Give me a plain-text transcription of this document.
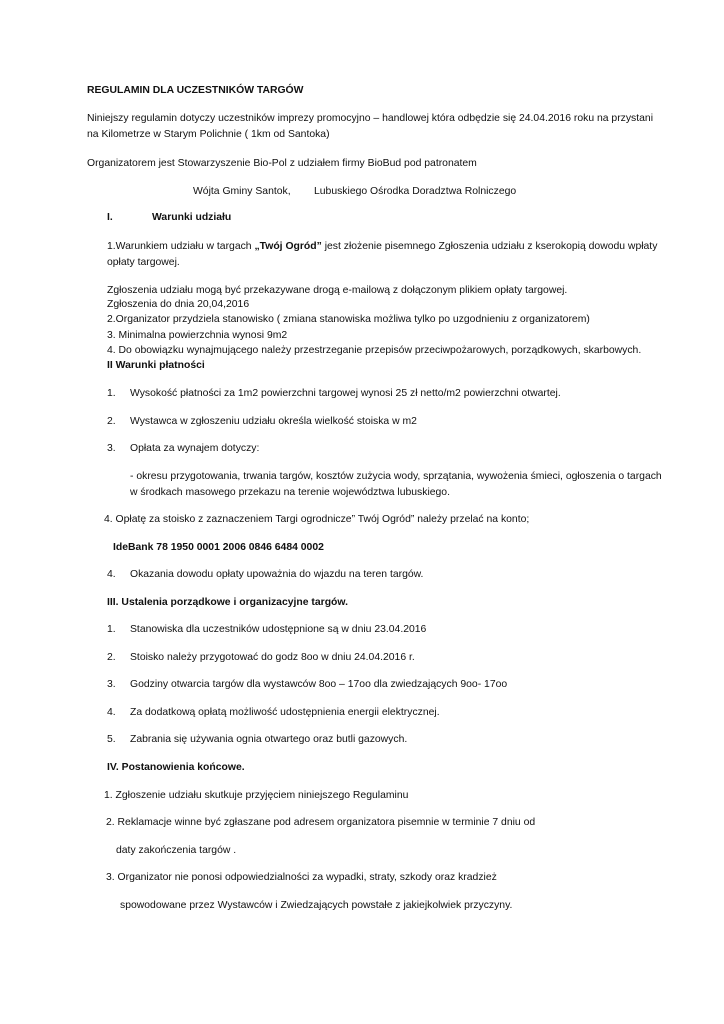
REGULAMIN DLA UCZESTNIKÓW TARGÓW
Niniejszy regulamin dotyczy uczestników imprezy promocyjno – handlowej która odbędzie się 24.04.2016 roku na przystani
na Kilometrze w Starym Polichnie ( 1km od Santoka)
Organizatorem jest Stowarzyszenie Bio-Pol z udziałem firmy BioBud pod patronatem
Wójta Gminy Santok, Lubuskiego Ośrodka Doradztwa Rolniczego
I.	Warunki udziału
1.Warunkiem udziału w targach „Twój Ogród” jest złożenie pisemnego Zgłoszenia udziału z kserokopią dowodu wpłaty
opłaty targowej.
Zgłoszenia udziału mogą być przekazywane drogą e-mailową z dołączonym plikiem opłaty targowej.
Zgłoszenia do dnia 20,04,2016
2.Organizator przydziela stanowisko ( zmiana stanowiska możliwa tylko po uzgodnieniu z organizatorem)
3. Minimalna powierzchnia wynosi 9m2
4. Do obowiązku wynajmującego należy przestrzeganie przepisów przeciwpożarowych, porządkowych, skarbowych.
II Warunki płatności
1. Wysokość płatności za 1m2 powierzchni targowej wynosi 25 zł netto/m2 powierzchni otwartej.
2. Wystawca w zgłoszeniu udziału określa wielkość stoiska w m2
3. Opłata za wynajem dotyczy:
- okresu przygotowania, trwania targów, kosztów zużycia wody, sprzątania, wywożenia śmieci, ogłoszenia o targach
w środkach masowego przekazu na terenie województwa lubuskiego.
4. Opłatę za stoisko z zaznaczeniem Targi ogrodnicze” Twój Ogród” należy przelać na konto;
IdeBank 78 1950 0001 2006 0846 6484 0002
4. Okazania dowodu opłaty upoważnia do wjazdu na teren targów.
III. Ustalenia porządkowe i organizacyjne targów.
1. Stanowiska dla uczestników udostępnione są w dniu 23.04.2016
2. Stoisko należy przygotować do godz 8oo w dniu 24.04.2016 r.
3. Godziny otwarcia targów dla wystawców 8oo – 17oo dla zwiedzających 9oo- 17oo
4. Za dodatkową opłatą możliwość udostępnienia energii elektrycznej.
5. Zabrania się używania ognia otwartego oraz butli gazowych.
IV. Postanowienia końcowe.
1. Zgłoszenie udziału skutkuje przyjęciem niniejszego Regulaminu
2. Reklamacje winne być zgłaszane pod adresem organizatora pisemnie w terminie 7 dniu od
daty zakończenia targów .
3. Organizator nie ponosi odpowiedzialności za wypadki, straty, szkody oraz kradzież
spowodowane przez Wystawców i Zwiedzających powstałe z jakiejkolwiek przyczyny.
